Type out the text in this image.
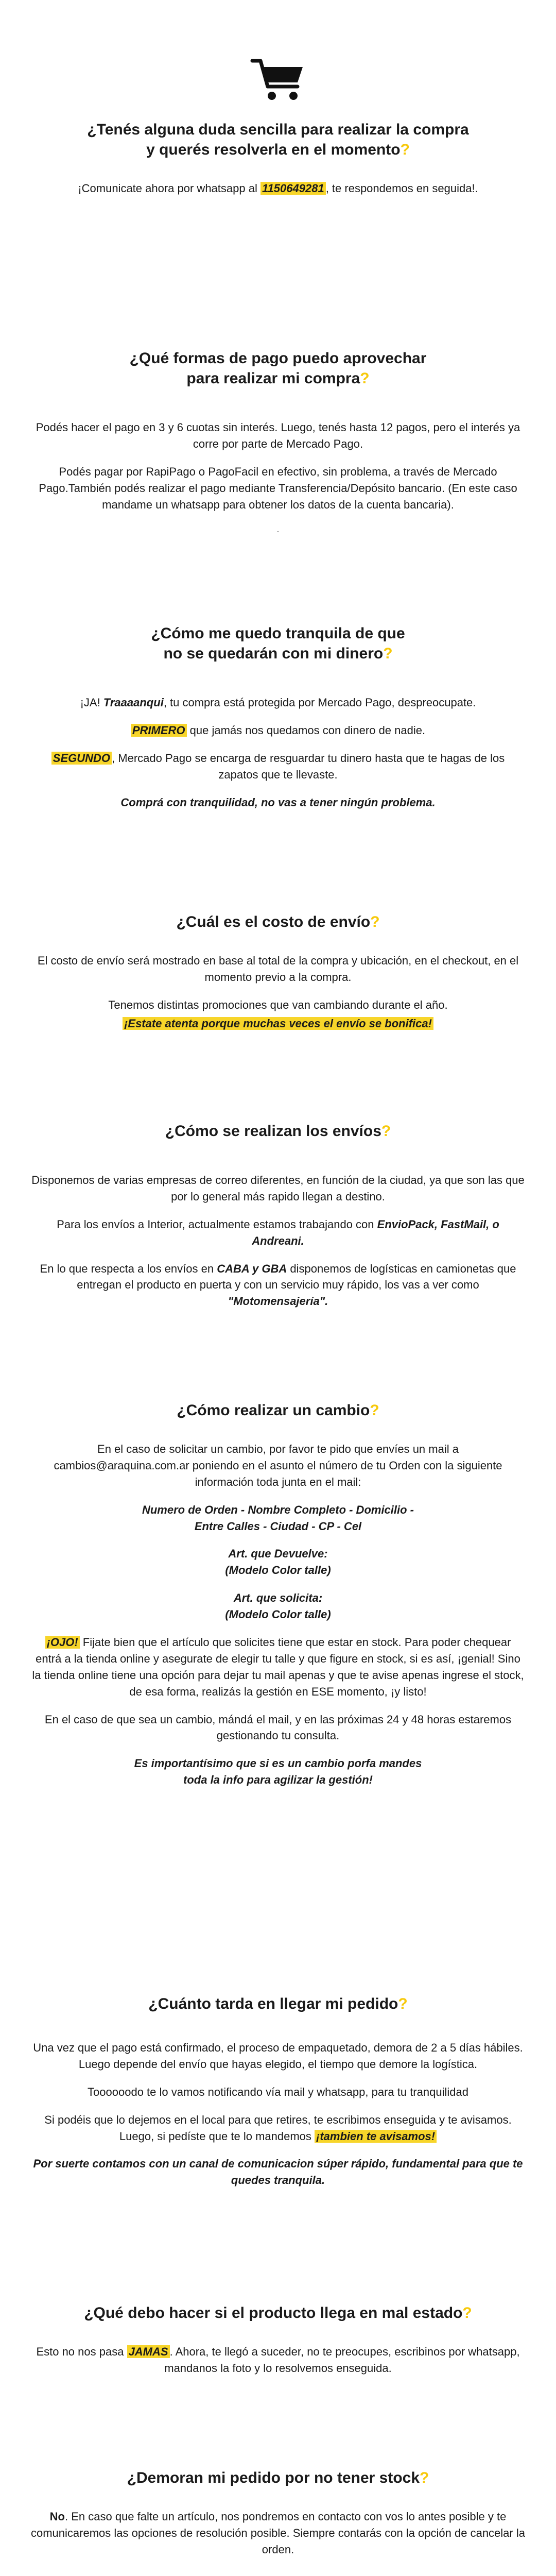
¿Tenés alguna duda sencilla para realizar la compra
y querés resolverla en el momento?

¡Comunicate ahora por whatsapp al 1150649281 , te respondemos en seguida!.

¿Qué formas de pago puedo aprovechar
para realizar mi compra?

Podés hacer el pago en 3 y 6 cuotas sin interés. Luego, tenés hasta 12 pagos, pero el interés ya corre por parte de Mercado Pago.

Podés pagar por RapiPago o PagoFacil en efectivo, sin problema, a través de Mercado Pago.También podés realizar el pago mediante Transferencia/Depósito bancario. (En este caso mandame un whatsapp para obtener los datos de la cuenta bancaria).

.

¿Cómo me quedo tranquila de que
no se quedarán con mi dinero?

¡JA! Traaaanqui, tu compra está protegida por Mercado Pago, despreocupate.

PRIMERO que jamás nos quedamos con dinero de nadie.

SEGUNDO , Mercado Pago se encarga de resguardar tu dinero hasta que te hagas de los zapatos que te llevaste.

Comprá con tranquilidad, no vas a tener ningún problema.

¿Cuál es el costo de envío?

El costo de envío será mostrado en base al total de la compra y ubicación, en el checkout, en el momento previo a la compra.

Tenemos distintas promociones que van cambiando durante el año.

¡Estate atenta porque muchas veces el envío se bonifica!

¿Cómo se realizan los envíos?

Disponemos de varias empresas de correo diferentes, en función de la ciudad, ya que son las que por lo general más rapido llegan a destino.

Para los envíos a Interior, actualmente estamos trabajando con EnvioPack, FastMail, o Andreani.

En lo que respecta a los envíos en CABA y GBA disponemos de logísticas en camionetas que entregan el producto en puerta y con un servicio muy rápido, los vas a ver como "Motomensajería".

¿Cómo realizar un cambio?

En el caso de solicitar un cambio, por favor te pido que envíes un mail a cambios@araquina.com.ar poniendo en el asunto el número de tu Orden con la siguiente información toda junta en el mail:

Numero de Orden - Nombre Completo - Domicilio -
Entre Calles - Ciudad - CP - Cel

Art. que Devuelve:
(Modelo Color talle)

Art. que solicita:
(Modelo Color talle)

¡OJO! Fijate bien que el artículo que solicites tiene que estar en stock. Para poder chequear entrá a la tienda online y asegurate de elegir tu talle y que figure en stock, si es así, ¡genial! Sino la tienda online tiene una opción para dejar tu mail apenas y que te avise apenas ingrese el stock, de esa forma, realizás la gestión en ESE momento, ¡y listo!

En el caso de que sea un cambio, mándá el mail, y en las próximas 24 y 48 horas estaremos gestionando tu consulta.

Es importantísimo que si es un cambio porfa mandes
toda la info para agilizar la gestión!

¿Cuánto tarda en llegar mi pedido?

Una vez que el pago está confirmado, el proceso de empaquetado, demora de 2 a 5 días hábiles. Luego depende del envío que hayas elegido, el tiempo que demore la logística.

Toooooodo te lo vamos notificando vía mail y whatsapp, para tu tranquilidad

Si podéis que lo dejemos en el local para que retires, te escribimos enseguida y te avisamos. Luego, si pedíste que te lo mandemos ¡tambien te avisamos!

Por suerte contamos con un canal de comunicacion súper rápido, fundamental para que te quedes tranquila.

¿Qué debo hacer si el producto llega en mal estado?

Esto no nos pasa JAMAS . Ahora, te llegó a suceder, no te preocupes, escribinos por whatsapp, mandanos la foto y lo resolvemos enseguida.

¿Demoran mi pedido por no tener stock?

No. En caso que falte un artículo, nos pondremos en contacto con vos lo antes posible y te comunicaremos las opciones de resolución posible. Siempre contarás con la opción de cancelar la orden.
